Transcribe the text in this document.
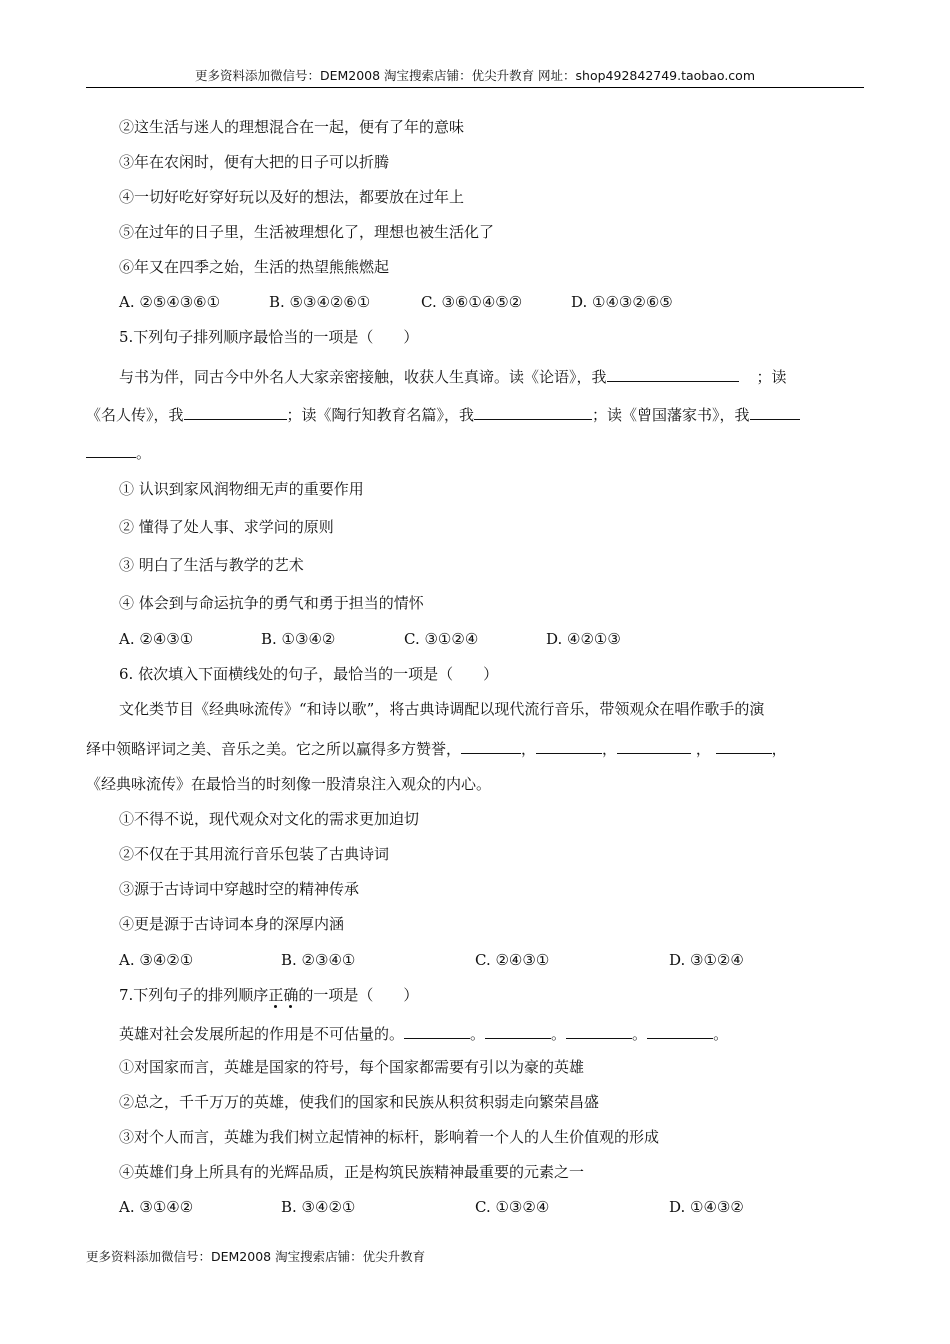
更多资料添加微信号：DEM2008 淘宝搜索店铺：优尖升教育 网址：shop492842749.taobao.com
②这生活与迷人的理想混合在一起，便有了年的意味
③年在农闲时，便有大把的日子可以折腾
④一切好吃好穿好玩以及好的想法，都要放在过年上
⑤在过年的日子里，生活被理想化了，理想也被生活化了
⑥年又在四季之始，生活的热望熊熊燃起
A. ②⑤④③⑥①	B. ⑤③④②⑥①	C. ③⑥①④⑤②	D. ①④③②⑥⑤
5.下列句子排列顺序最恰当的一项是（　　）
与书为伴，同古今中外名人大家亲密接触，收获人生真谛。读《论语》，我	；读
《名人传》，我	；读《陶行知教育名篇》，我	；读《曾国藩家书》，我
。
① 认识到家风润物细无声的重要作用
② 懂得了处人事、求学问的原则
③ 明白了生活与教学的艺术
④ 体会到与命运抗争的勇气和勇于担当的情怀
A. ②④③①	B. ①③④②	C. ③①②④	D. ④②①③
6. 依次填入下面横线处的句子，最恰当的一项是（　　）
文化类节目《经典咏流传》“和诗以歌”，将古典诗调配以现代流行音乐，带领观众在唱作歌手的演
绎中领略评词之美、音乐之美。它之所以赢得多方赞誉，	，	，	，	，
《经典咏流传》在最恰当的时刻像一股清泉注入观众的内心。
①不得不说，现代观众对文化的需求更加迫切
②不仅在于其用流行音乐包装了古典诗词
③源于古诗词中穿越时空的精神传承
④更是源于古诗词本身的深厚内涵
A. ③④②①	B. ②③④①	C. ②④③①	D. ③①②④
7.下列句子的排列顺序正确的一项是（　　）
英雄对社会发展所起的作用是不可估量的。	。	。	。	。
①对国家而言，英雄是国家的符号，每个国家都需要有引以为豪的英雄
②总之，千千万万的英雄，使我们的国家和民族从积贫积弱走向繁荣昌盛
③对个人而言，英雄为我们树立起情神的标杆，影响着一个人的人生价值观的形成
④英雄们身上所具有的光辉品质，正是构筑民族精神最重要的元素之一
A. ③①④②	B. ③④②①	C. ①③②④	D. ①④③②
更多资料添加微信号：DEM2008 淘宝搜索店铺：优尖升教育
